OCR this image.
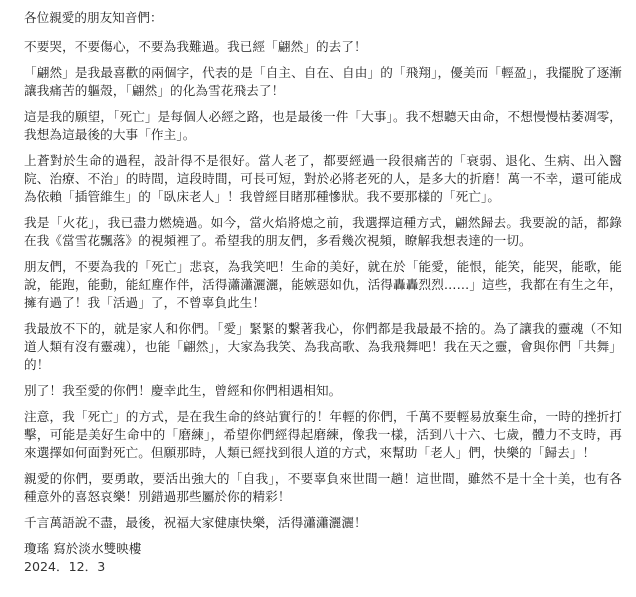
各位親愛的朋友知音們：

不要哭，不要傷心，不要為我難過。我已經「翩然」的去了！

「翩然」是我最喜歡的兩個字，代表的是「自主、自在、自由」的「飛翔」，優美而「輕盈」，我擺脫了逐漸讓我痛苦的軀殼，「翩然」的化為雪花飛去了！

這是我的願望，「死亡」是每個人必經之路，也是最後一件「大事」。我不想聽天由命，不想慢慢枯萎凋零，我想為這最後的大事「作主」。

上蒼對於生命的過程，設計得不是很好。當人老了，都要經過一段很痛苦的「衰弱、退化、生病、出入醫院、治療、不治」的時間，這段時間，可長可短，對於必將老死的人，是多大的折磨！萬一不幸，還可能成為依賴「插管維生」的「臥床老人」！我曾經目睹那種慘狀。我不要那樣的「死亡」。

我是「火花」，我已盡力燃燒過。如今，當火焰將熄之前，我選擇這種方式，翩然歸去。我要說的話，都錄在我《當雪花飄落》的視頻裡了。希望我的朋友們，多看幾次視頻，瞭解我想表達的一切。

朋友們，不要為我的「死亡」悲哀，為我笑吧！生命的美好，就在於「能愛，能恨，能笑，能哭，能歌，能說，能跑，能動，能紅塵作伴，活得瀟瀟灑灑，能嫉惡如仇，活得轟轟烈烈……」這些，我都在有生之年，擁有過了！我「活過」了，不曾辜負此生！

我最放不下的，就是家人和你們。「愛」緊緊的繫著我心，你們都是我最最不捨的。為了讓我的靈魂（不知道人類有沒有靈魂），也能「翩然」，大家為我笑、為我高歌、為我飛舞吧！我在天之靈，會與你們「共舞」的！

別了！我至愛的你們！慶幸此生，曾經和你們相遇相知。

注意，我「死亡」的方式，是在我生命的終站實行的！年輕的你們，千萬不要輕易放棄生命，一時的挫折打擊，可能是美好生命中的「磨練」，希望你們經得起磨練，像我一樣，活到八十六、七歲，體力不支時，再來選擇如何面對死亡。但願那時，人類已經找到很人道的方式，來幫助「老人」們，快樂的「歸去」！

親愛的你們，要勇敢，要活出強大的「自我」，不要辜負來世間一趟！這世間，雖然不是十全十美，也有各種意外的喜怒哀樂！別錯過那些屬於你的精彩！

千言萬語說不盡，最後，祝福大家健康快樂，活得瀟瀟灑灑！

瓊瑤 寫於淡水雙映樓

2024．12．3
